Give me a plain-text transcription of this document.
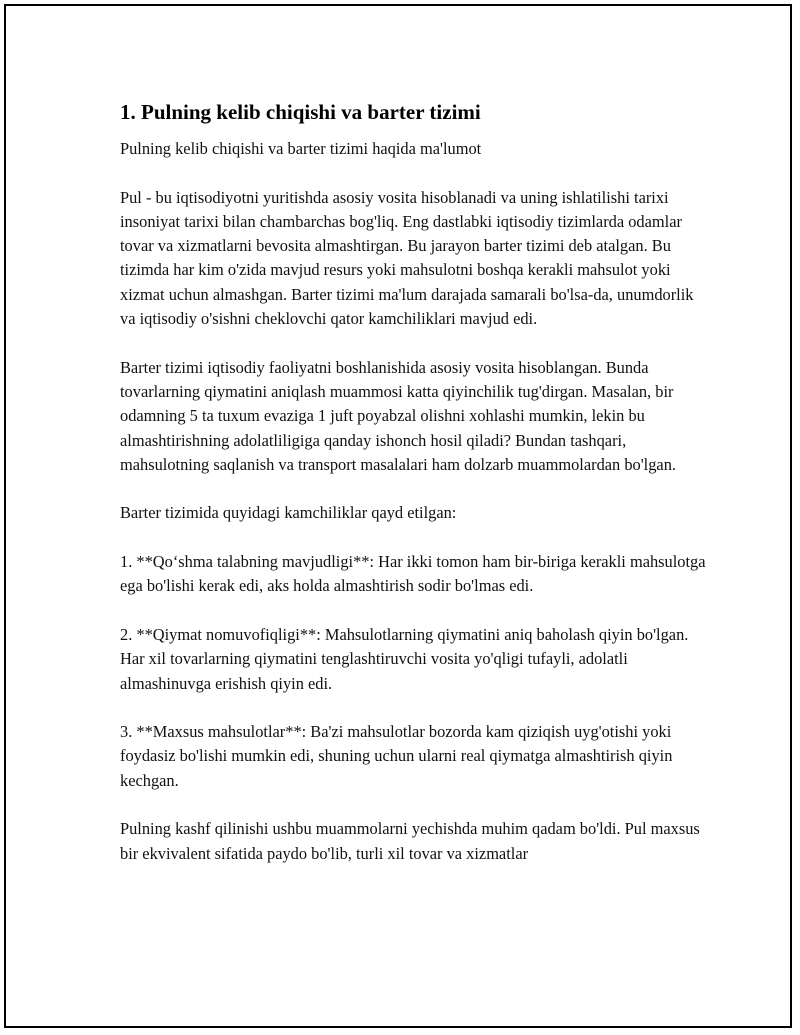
1. Pulning kelib chiqishi va barter tizimi

Pulning kelib chiqishi va barter tizimi haqida ma'lumot

Pul - bu iqtisodiyotni yuritishda asosiy vosita hisoblanadi va uning ishlatilishi tarixi insoniyat tarixi bilan chambarchas bog'liq. Eng dastlabki iqtisodiy tizimlarda odamlar tovar va xizmatlarni bevosita almashtirgan. Bu jarayon barter tizimi deb atalgan. Bu tizimda har kim o'zida mavjud resurs yoki mahsulotni boshqa kerakli mahsulot yoki xizmat uchun almashgan. Barter tizimi ma'lum darajada samarali bo'lsa-da, unumdorlik va iqtisodiy o'sishni cheklovchi qator kamchiliklari mavjud edi.

Barter tizimi iqtisodiy faoliyatni boshlanishida asosiy vosita hisoblangan. Bunda tovarlarning qiymatini aniqlash muammosi katta qiyinchilik tug'dirgan. Masalan, bir odamning 5 ta tuxum evaziga 1 juft poyabzal olishni xohlashi mumkin, lekin bu almashtirishning adolatliligiga qanday ishonch hosil qiladi? Bundan tashqari, mahsulotning saqlanish va transport masalalari ham dolzarb muammolardan bo'lgan.

Barter tizimida quyidagi kamchiliklar qayd etilgan:

1. **Qo‘shma talabning mavjudligi**: Har ikki tomon ham bir-biriga kerakli mahsulotga ega bo'lishi kerak edi, aks holda almashtirish sodir bo'lmas edi.

2. **Qiymat nomuvofiqligi**: Mahsulotlarning qiymatini aniq baholash qiyin bo'lgan. Har xil tovarlarning qiymatini tenglashtiruvchi vosita yo'qligi tufayli, adolatli almashinuvga erishish qiyin edi.

3. **Maxsus mahsulotlar**: Ba'zi mahsulotlar bozorda kam qiziqish uyg'otishi yoki foydasiz bo'lishi mumkin edi, shuning uchun ularni real qiymatga almashtirish qiyin kechgan.

Pulning kashf qilinishi ushbu muammolarni yechishda muhim qadam bo'ldi. Pul maxsus bir ekvivalent sifatida paydo bo'lib, turli xil tovar va xizmatlar
